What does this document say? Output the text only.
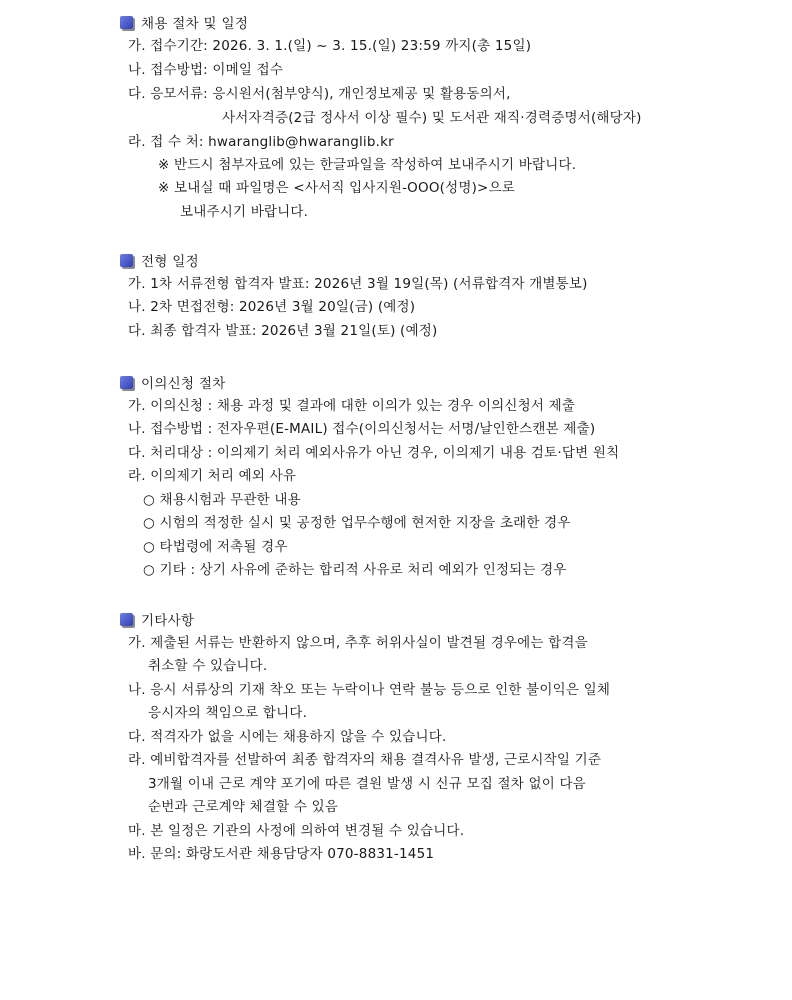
채용 절차 및 일정
가. 접수기간: 2026. 3. 1.(일) ~ 3. 15.(일) 23:59 까지(총 15일)
나. 접수방법: 이메일 접수
다. 응모서류: 응시원서(첨부양식), 개인정보제공 및 활용동의서,
사서자격증(2급 정사서 이상 필수) 및 도서관 재직·경력증명서(해당자)
라. 접 수 처: hwaranglib@hwaranglib.kr
※ 반드시 첨부자료에 있는 한글파일을 작성하여 보내주시기 바랍니다.
※ 보내실 때 파일명은 <사서직 입사지원-OOO(성명)>으로
보내주시기 바랍니다.
전형 일정
가. 1차 서류전형 합격자 발표: 2026년 3월 19일(목) (서류합격자 개별통보)
나. 2차 면접전형: 2026년 3월 20일(금) (예정)
다. 최종 합격자 발표: 2026년 3월 21일(토) (예정)
이의신청 절차
가. 이의신청 : 채용 과정 및 결과에 대한 이의가 있는 경우 이의신청서 제출
나. 접수방법 : 전자우편(E-MAIL) 접수(이의신청서는 서명/날인한스캔본 제출)
다. 처리대상 : 이의제기 처리 예외사유가 아닌 경우, 이의제기 내용 검토·답변 원칙
라. 이의제기 처리 예외 사유
○ 채용시험과 무관한 내용
○ 시험의 적정한 실시 및 공정한 업무수행에 현저한 지장을 초래한 경우
○ 타법령에 저촉될 경우
○ 기타 : 상기 사유에 준하는 합리적 사유로 처리 예외가 인정되는 경우
기타사항
가. 제출된 서류는 반환하지 않으며, 추후 허위사실이 발견될 경우에는 합격을
취소할 수 있습니다.
나. 응시 서류상의 기재 착오 또는 누락이나 연락 불능 등으로 인한 불이익은 일체
응시자의 책임으로 합니다.
다. 적격자가 없을 시에는 채용하지 않을 수 있습니다.
라. 예비합격자를 선발하여 최종 합격자의 채용 결격사유 발생, 근로시작일 기준
3개월 이내 근로 계약 포기에 따른 결원 발생 시 신규 모집 절차 없이 다음
순번과 근로계약 체결할 수 있음
마. 본 일정은 기관의 사정에 의하여 변경될 수 있습니다.
바. 문의: 화랑도서관 채용담당자 070-8831-1451
